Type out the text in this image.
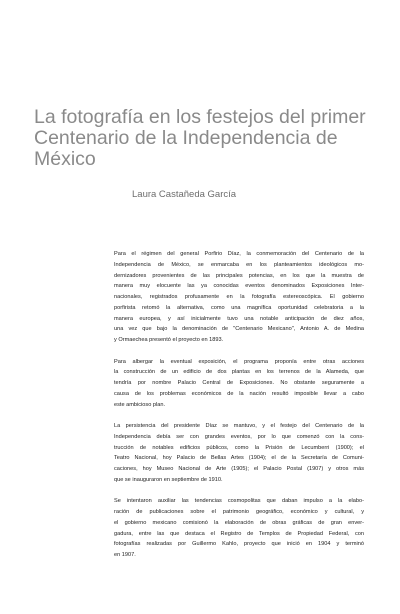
La fotografía en los festejos del primer
Centenario de la Independencia de
México

Laura Castañeda García

Para el régimen del general Porfirio Díaz, la conmemoración del Centenario de la
Independencia de México, se enmarcaba en los planteamientos ideológicos mo-
dernizadores provenientes de las principales potencias, en los que la muestra de
manera muy elocuente las ya conocidas eventos denominados Exposiciones Inter-
nacionales, registrados profusamente en la fotografía estereoscópica. El gobierno
porfirista retomó la alternativa, como una magnífica oportunidad celebratoria a la
manera europea, y así inicialmente tuvo una notable anticipación de diez años,
una vez que bajo la denominación de "Centenario Mexicano", Antonio A. de Medina
y Ormaechea presentó el proyecto en 1893.

Para albergar la eventual exposición, el programa proponía entre otras acciones
la construcción de un edificio de dos plantas en los terrenos de la Alameda, que
tendría por nombre Palacio Central de Exposiciones. No obstante seguramente a
causa de los problemas económicos de la nación resultó imposible llevar a cabo
este ambicioso plan.

La persistencia del presidente Díaz se mantuvo, y el festejo del Centenario de la
Independencia debía ser con grandes eventos, por lo que comenzó con la cons-
trucción de notables edificios públicos, como la Prisión de Lecumberri (1900); el
Teatro Nacional, hoy Palacio de Bellas Artes (1904); el de la Secretaría de Comuni-
caciones, hoy Museo Nacional de Arte (1905); el Palacio Postal (1907) y otros más
que se inauguraron en septiembre de 1910.

Se intentaron auxiliar las tendencias cosmopolitas que daban impulso a la elabo-
ración de publicaciones sobre el patrimonio geográfico, económico y cultural, y
el gobierno mexicano comisionó la elaboración de obras gráficas de gran enver-
gadura, entre las que destaca el Registro de Templos de Propiedad Federal, con
fotografías realizadas por Guillermo Kahlo, proyecto que inició en 1904 y terminó
en 1907.
